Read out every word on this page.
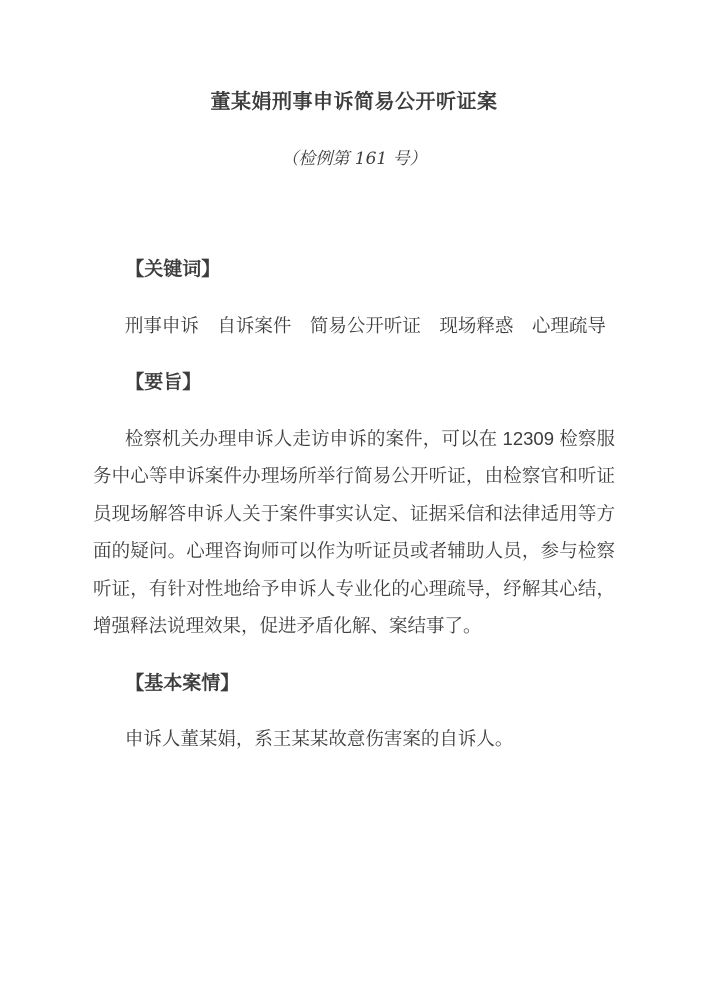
董某娟刑事申诉简易公开听证案
（检例第 161 号）
【关键词】

刑事申诉　自诉案件　简易公开听证　现场释惑　心理疏导

【要旨】

检察机关办理申诉人走访申诉的案件，可以在 12309 检察服务中心等申诉案件办理场所举行简易公开听证，由检察官和听证员现场解答申诉人关于案件事实认定、证据采信和法律适用等方面的疑问。心理咨询师可以作为听证员或者辅助人员，参与检察听证，有针对性地给予申诉人专业化的心理疏导，纾解其心结，增强释法说理效果，促进矛盾化解、案结事了。

【基本案情】

申诉人董某娟，系王某某故意伤害案的自诉人。
